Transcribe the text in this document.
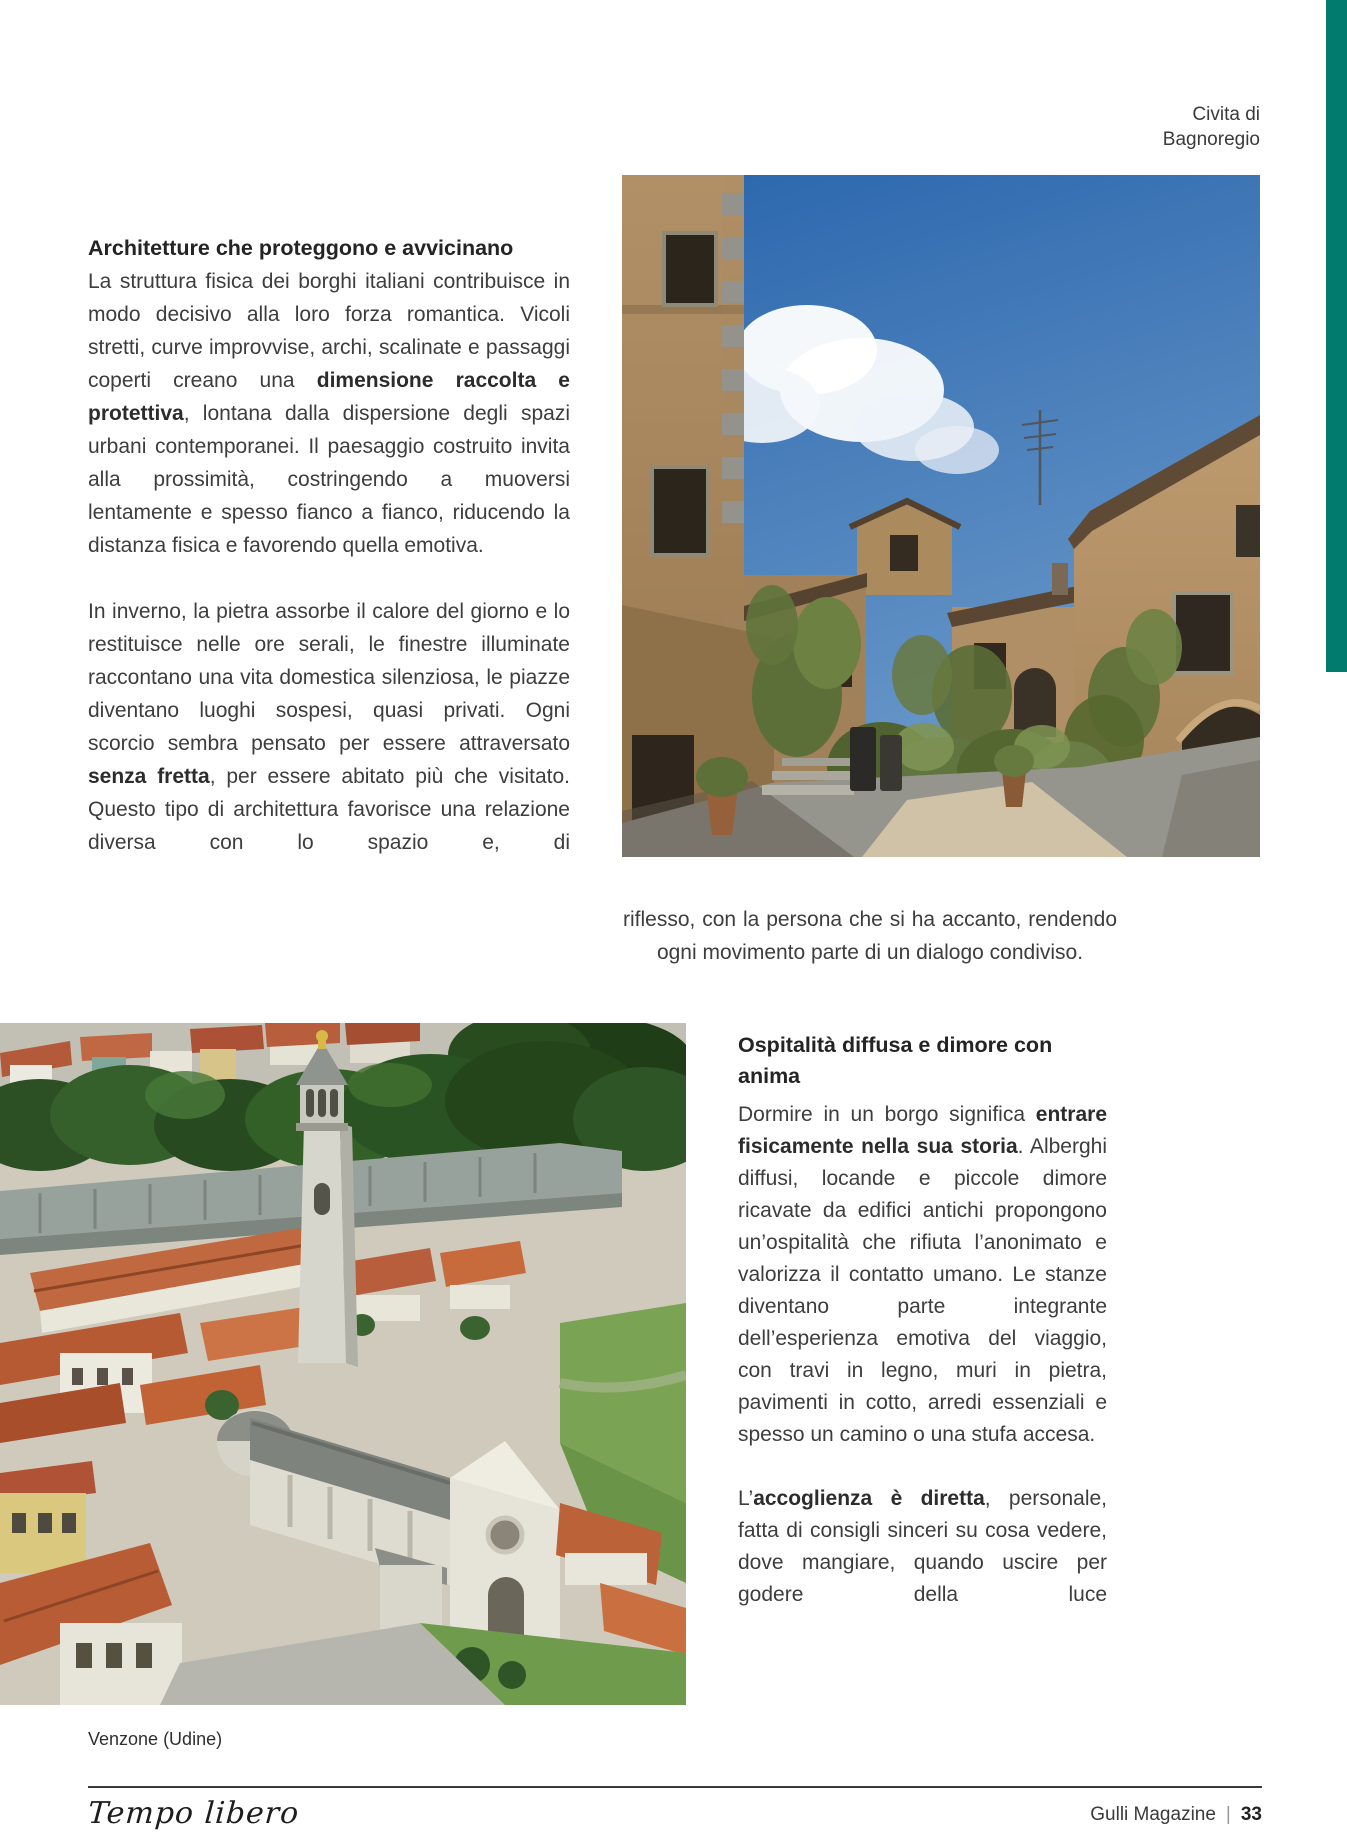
Civita di Bagnoregio
Architetture che proteggono e avvicinano

La struttura fisica dei borghi italiani contribuisce in modo decisivo alla loro forza romantica. Vicoli stretti, curve improvvise, archi, scalinate e passaggi coperti creano una dimensione raccolta e protettiva, lontana dalla dispersione degli spazi urbani contemporanei. Il paesaggio costruito invita alla prossimità, costringendo a muoversi lentamente e spesso fianco a fianco, riducendo la distanza fisica e favorendo quella emotiva.

In inverno, la pietra assorbe il calore del giorno e lo restituisce nelle ore serali, le finestre illuminate raccontano una vita domestica silenziosa, le piazze diventano luoghi sospesi, quasi privati. Ogni scorcio sembra pensato per essere attraversato senza fretta, per essere abitato più che visitato. Questo tipo di architettura favorisce una relazione diversa con lo spazio e, di

riflesso, con la persona che si ha accanto, rendendo ogni movimento parte di un dialogo condiviso.

Ospitalità diffusa e dimore con anima

Dormire in un borgo significa entrare fisicamente nella sua storia. Alberghi diffusi, locande e piccole dimore ricavate da edifici antichi propongono un’ospitalità che rifiuta l’anonimato e valorizza il contatto umano. Le stanze diventano parte integrante dell’esperienza emotiva del viaggio, con travi in legno, muri in pietra, pavimenti in cotto, arredi essenziali e spesso un camino o una stufa accesa.

L’accoglienza è diretta, personale, fatta di consigli sinceri su cosa vedere, dove mangiare, quando uscire per godere della luce

Venzone (Udine)
Tempo libero	Gulli Magazine | 33
